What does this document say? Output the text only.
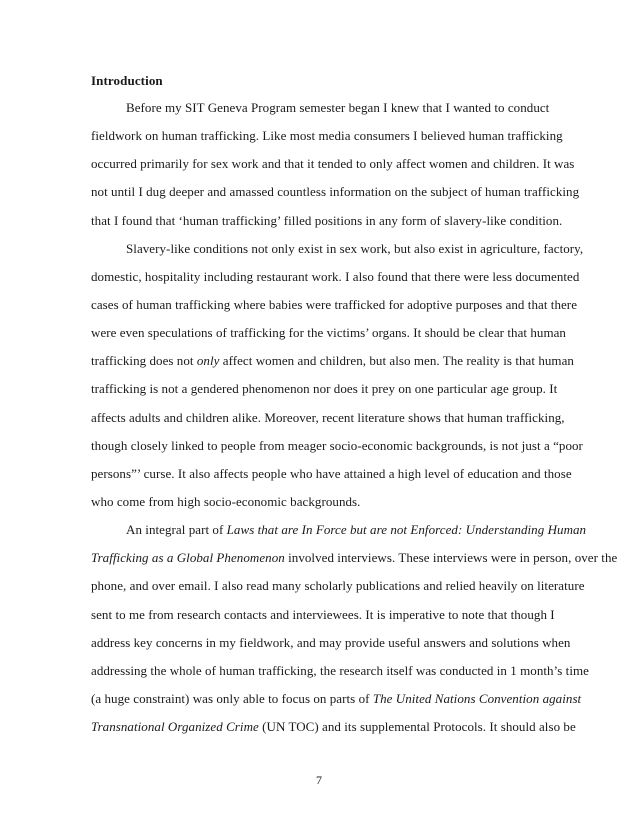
Introduction
Before my SIT Geneva Program semester began I knew that I wanted to conduct
fieldwork on human trafficking. Like most media consumers I believed human trafficking
occurred primarily for sex work and that it tended to only affect women and children. It was
not until I dug deeper and amassed countless information on the subject of human trafficking
that I found that ‘human trafficking’ filled positions in any form of slavery-like condition.
Slavery-like conditions not only exist in sex work, but also exist in agriculture, factory,
domestic, hospitality including restaurant work. I also found that there were less documented
cases of human trafficking where babies were trafficked for adoptive purposes and that there
were even speculations of trafficking for the victims’ organs. It should be clear that human
trafficking does not only affect women and children, but also men. The reality is that human
trafficking is not a gendered phenomenon nor does it prey on one particular age group. It
affects adults and children alike. Moreover, recent literature shows that human trafficking,
though closely linked to people from meager socio-economic backgrounds, is not just a “poor
persons”’ curse. It also affects people who have attained a high level of education and those
who come from high socio-economic backgrounds.
An integral part of Laws that are In Force but are not Enforced: Understanding Human
Trafficking as a Global Phenomenon involved interviews. These interviews were in person, over the
phone, and over email. I also read many scholarly publications and relied heavily on literature
sent to me from research contacts and interviewees. It is imperative to note that though I
address key concerns in my fieldwork, and may provide useful answers and solutions when
addressing the whole of human trafficking, the research itself was conducted in 1 month’s time
(a huge constraint) was only able to focus on parts of The United Nations Convention against
Transnational Organized Crime (UN TOC) and its supplemental Protocols. It should also be
7
